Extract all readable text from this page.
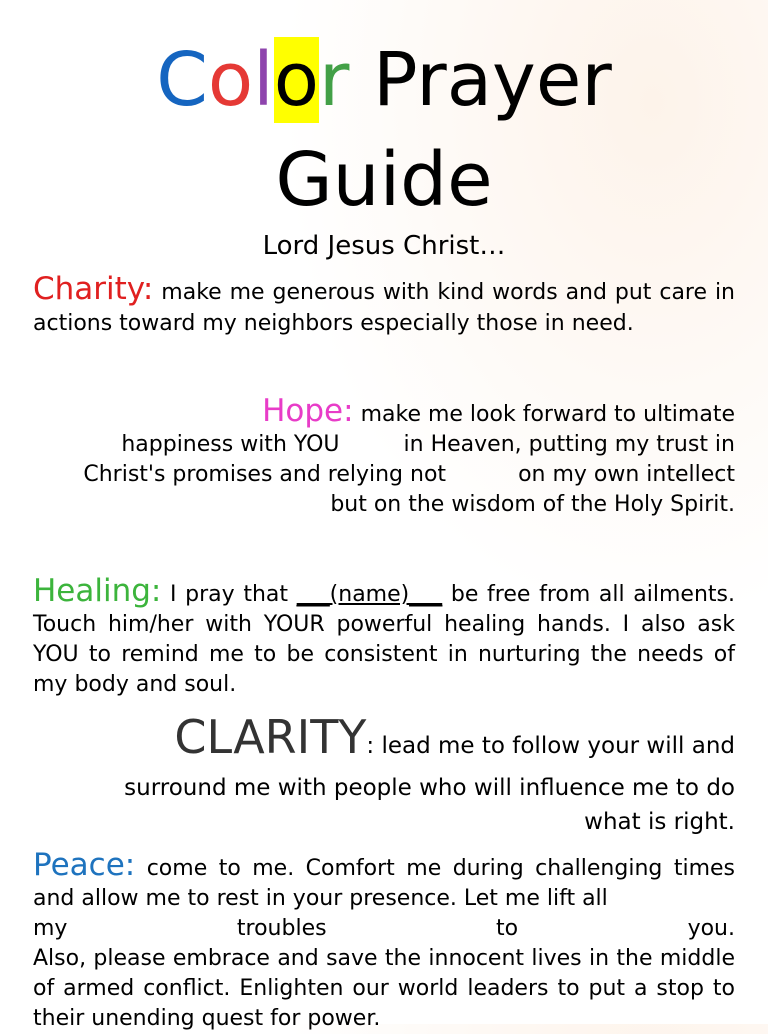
Color Prayer
Guide
Lord Jesus Christ…

Charity: make me generous with kind words and put care in actions toward my neighbors especially those in need.

Hope: make me look forward to ultimate
happiness with YOU	in Heaven, putting my trust in
Christ's promises and relying not	on my own intellect
but on the wisdom of the Holy Spirit.

Healing: I pray that ___(name)___ be free from all ailments. Touch him/her with YOUR powerful healing hands. I also ask YOU to remind me to be consistent in nurturing the needs of my body and soul.

CLARITY: lead me to follow your will and
surround me with people who will influence me to do
what is right.
Peace: come to me. Comfort me during challenging times and allow me to rest in your presence. Let me lift all
my	troubles	to	you.
Also, please embrace and save the innocent lives in the middle of armed conflict. Enlighten our world leaders to put a stop to their unending quest for power.
